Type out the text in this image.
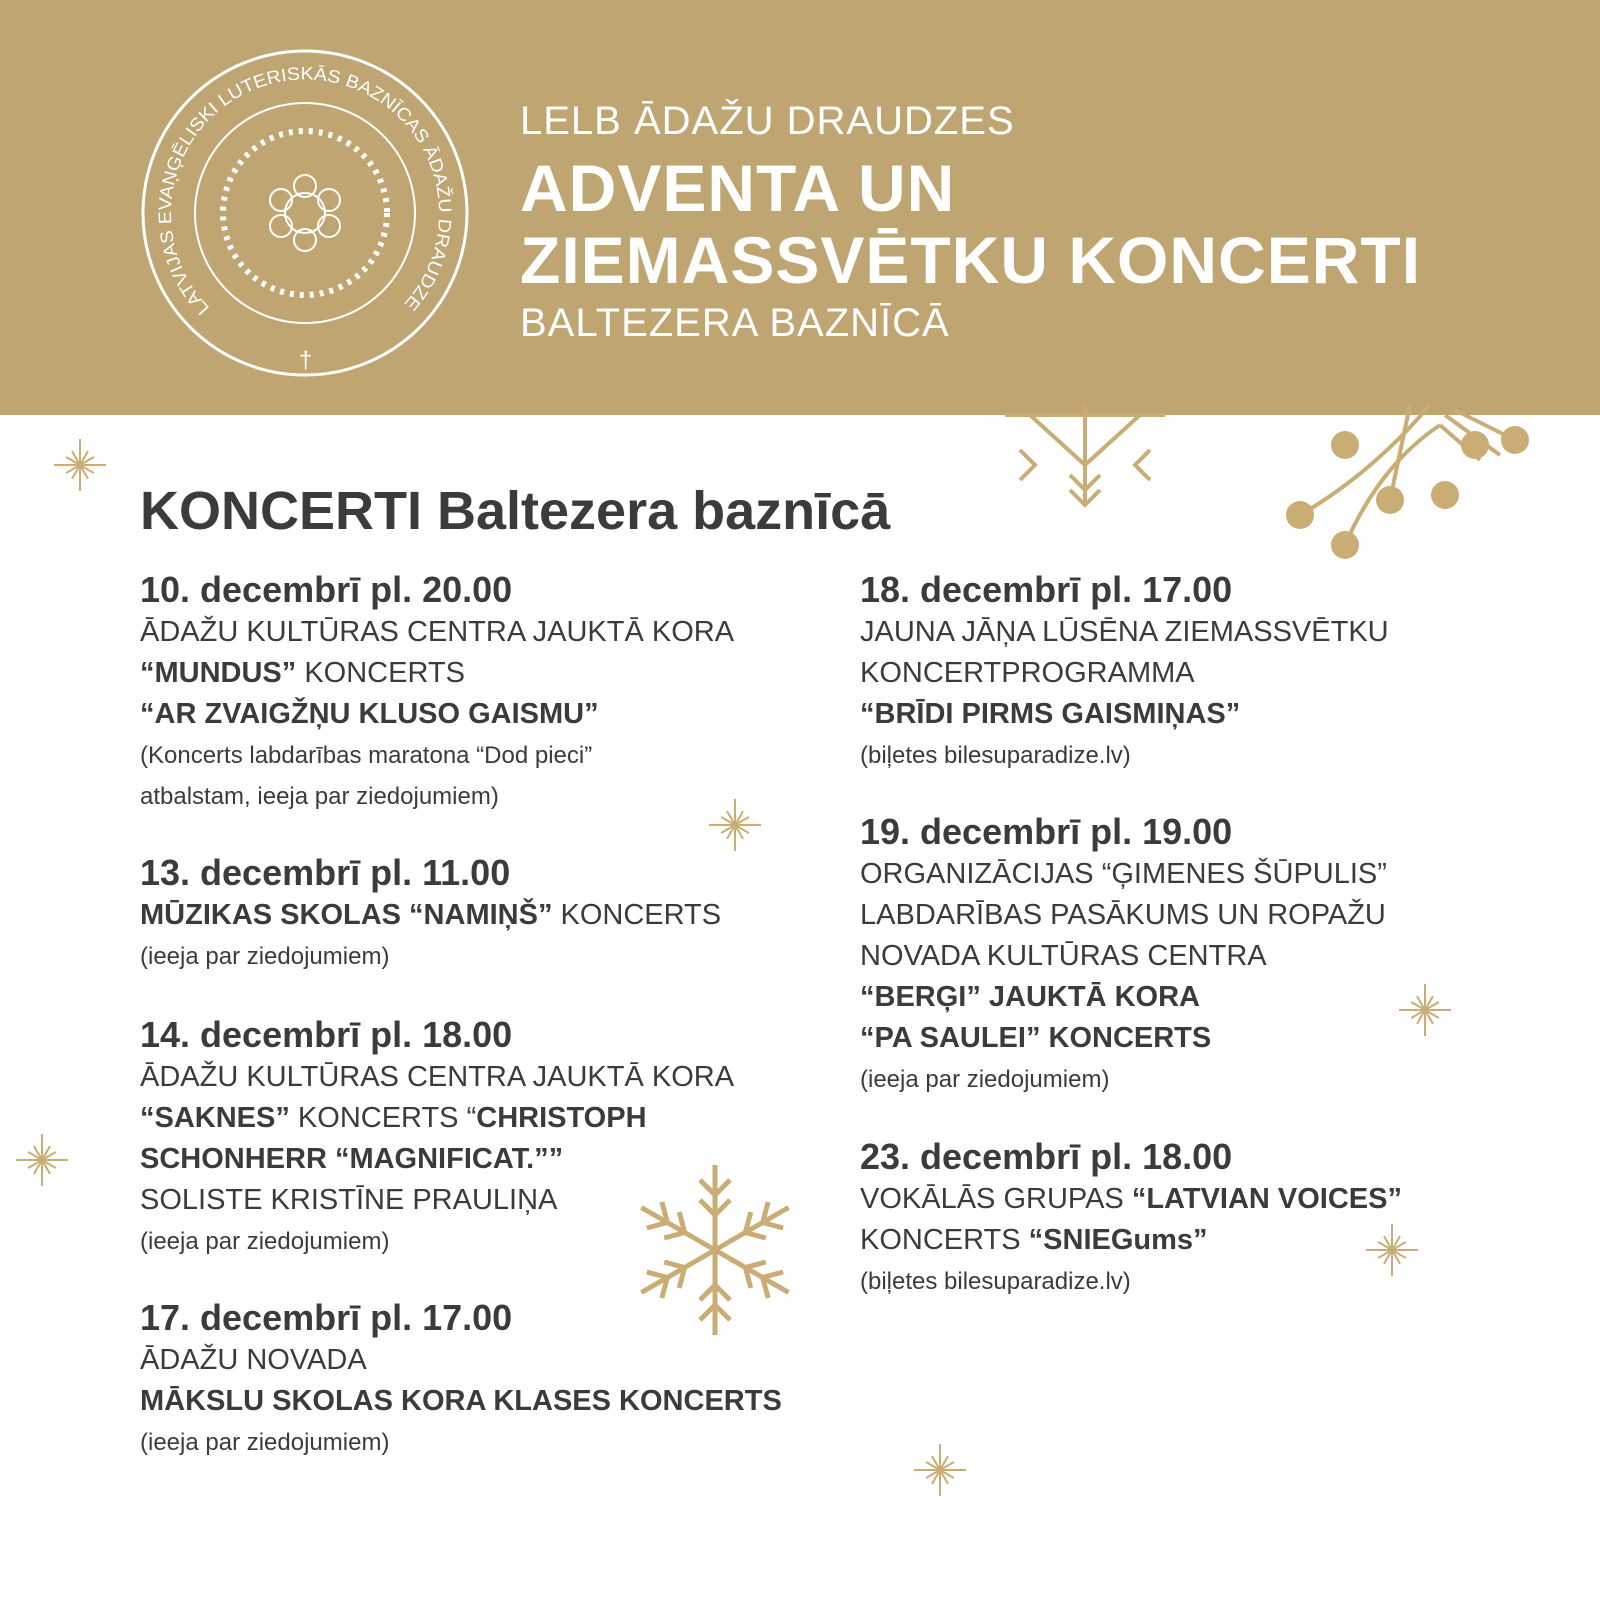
LATVIJAS EVAŅĢĒLISKI LUTERISKĀS BAZNĪCAS ĀDAŽU DRAUDZE
†
LELB ĀDAŽU DRAUDZES
ADVENTA UN
ZIEMASSVĒTKU KONCERTI
BALTEZERA BAZNĪCĀ
KONCERTI Baltezera baznīcā
10. decembrī pl. 20.00
ĀDAŽU KULTŪRAS CENTRA JAUKTĀ KORA
“MUNDUS” KONCERTS
“AR ZVAIGŽŅU KLUSO GAISMU”
(Koncerts labdarības maratona “Dod pieci”
atbalstam, ieeja par ziedojumiem)
13. decembrī pl. 11.00
MŪZIKAS SKOLAS “NAMIŅŠ” KONCERTS
(ieeja par ziedojumiem)
14. decembrī pl. 18.00
ĀDAŽU KULTŪRAS CENTRA JAUKTĀ KORA
“SAKNES” KONCERTS “CHRISTOPH
SCHONHERR “MAGNIFICAT.””
SOLISTE KRISTĪNE PRAULIŅA
(ieeja par ziedojumiem)
17. decembrī pl. 17.00
ĀDAŽU NOVADA
MĀKSLU SKOLAS KORA KLASES KONCERTS
(ieeja par ziedojumiem)
18. decembrī pl. 17.00
JAUNA JĀŅA LŪSĒNA ZIEMASSVĒTKU
KONCERTPROGRAMMA
“BRĪDI PIRMS GAISMIŅAS”
(biļetes bilesuparadize.lv)
19. decembrī pl. 19.00
ORGANIZĀCIJAS “ĢIMENES ŠŪPULIS”
LABDARĪBAS PASĀKUMS UN ROPAŽU
NOVADA KULTŪRAS CENTRA
“BERĢI” JAUKTĀ KORA
“PA SAULEI” KONCERTS
(ieeja par ziedojumiem)
23. decembrī pl. 18.00
VOKĀLĀS GRUPAS “LATVIAN VOICES”
KONCERTS “SNIEGums”
(biļetes bilesuparadize.lv)
